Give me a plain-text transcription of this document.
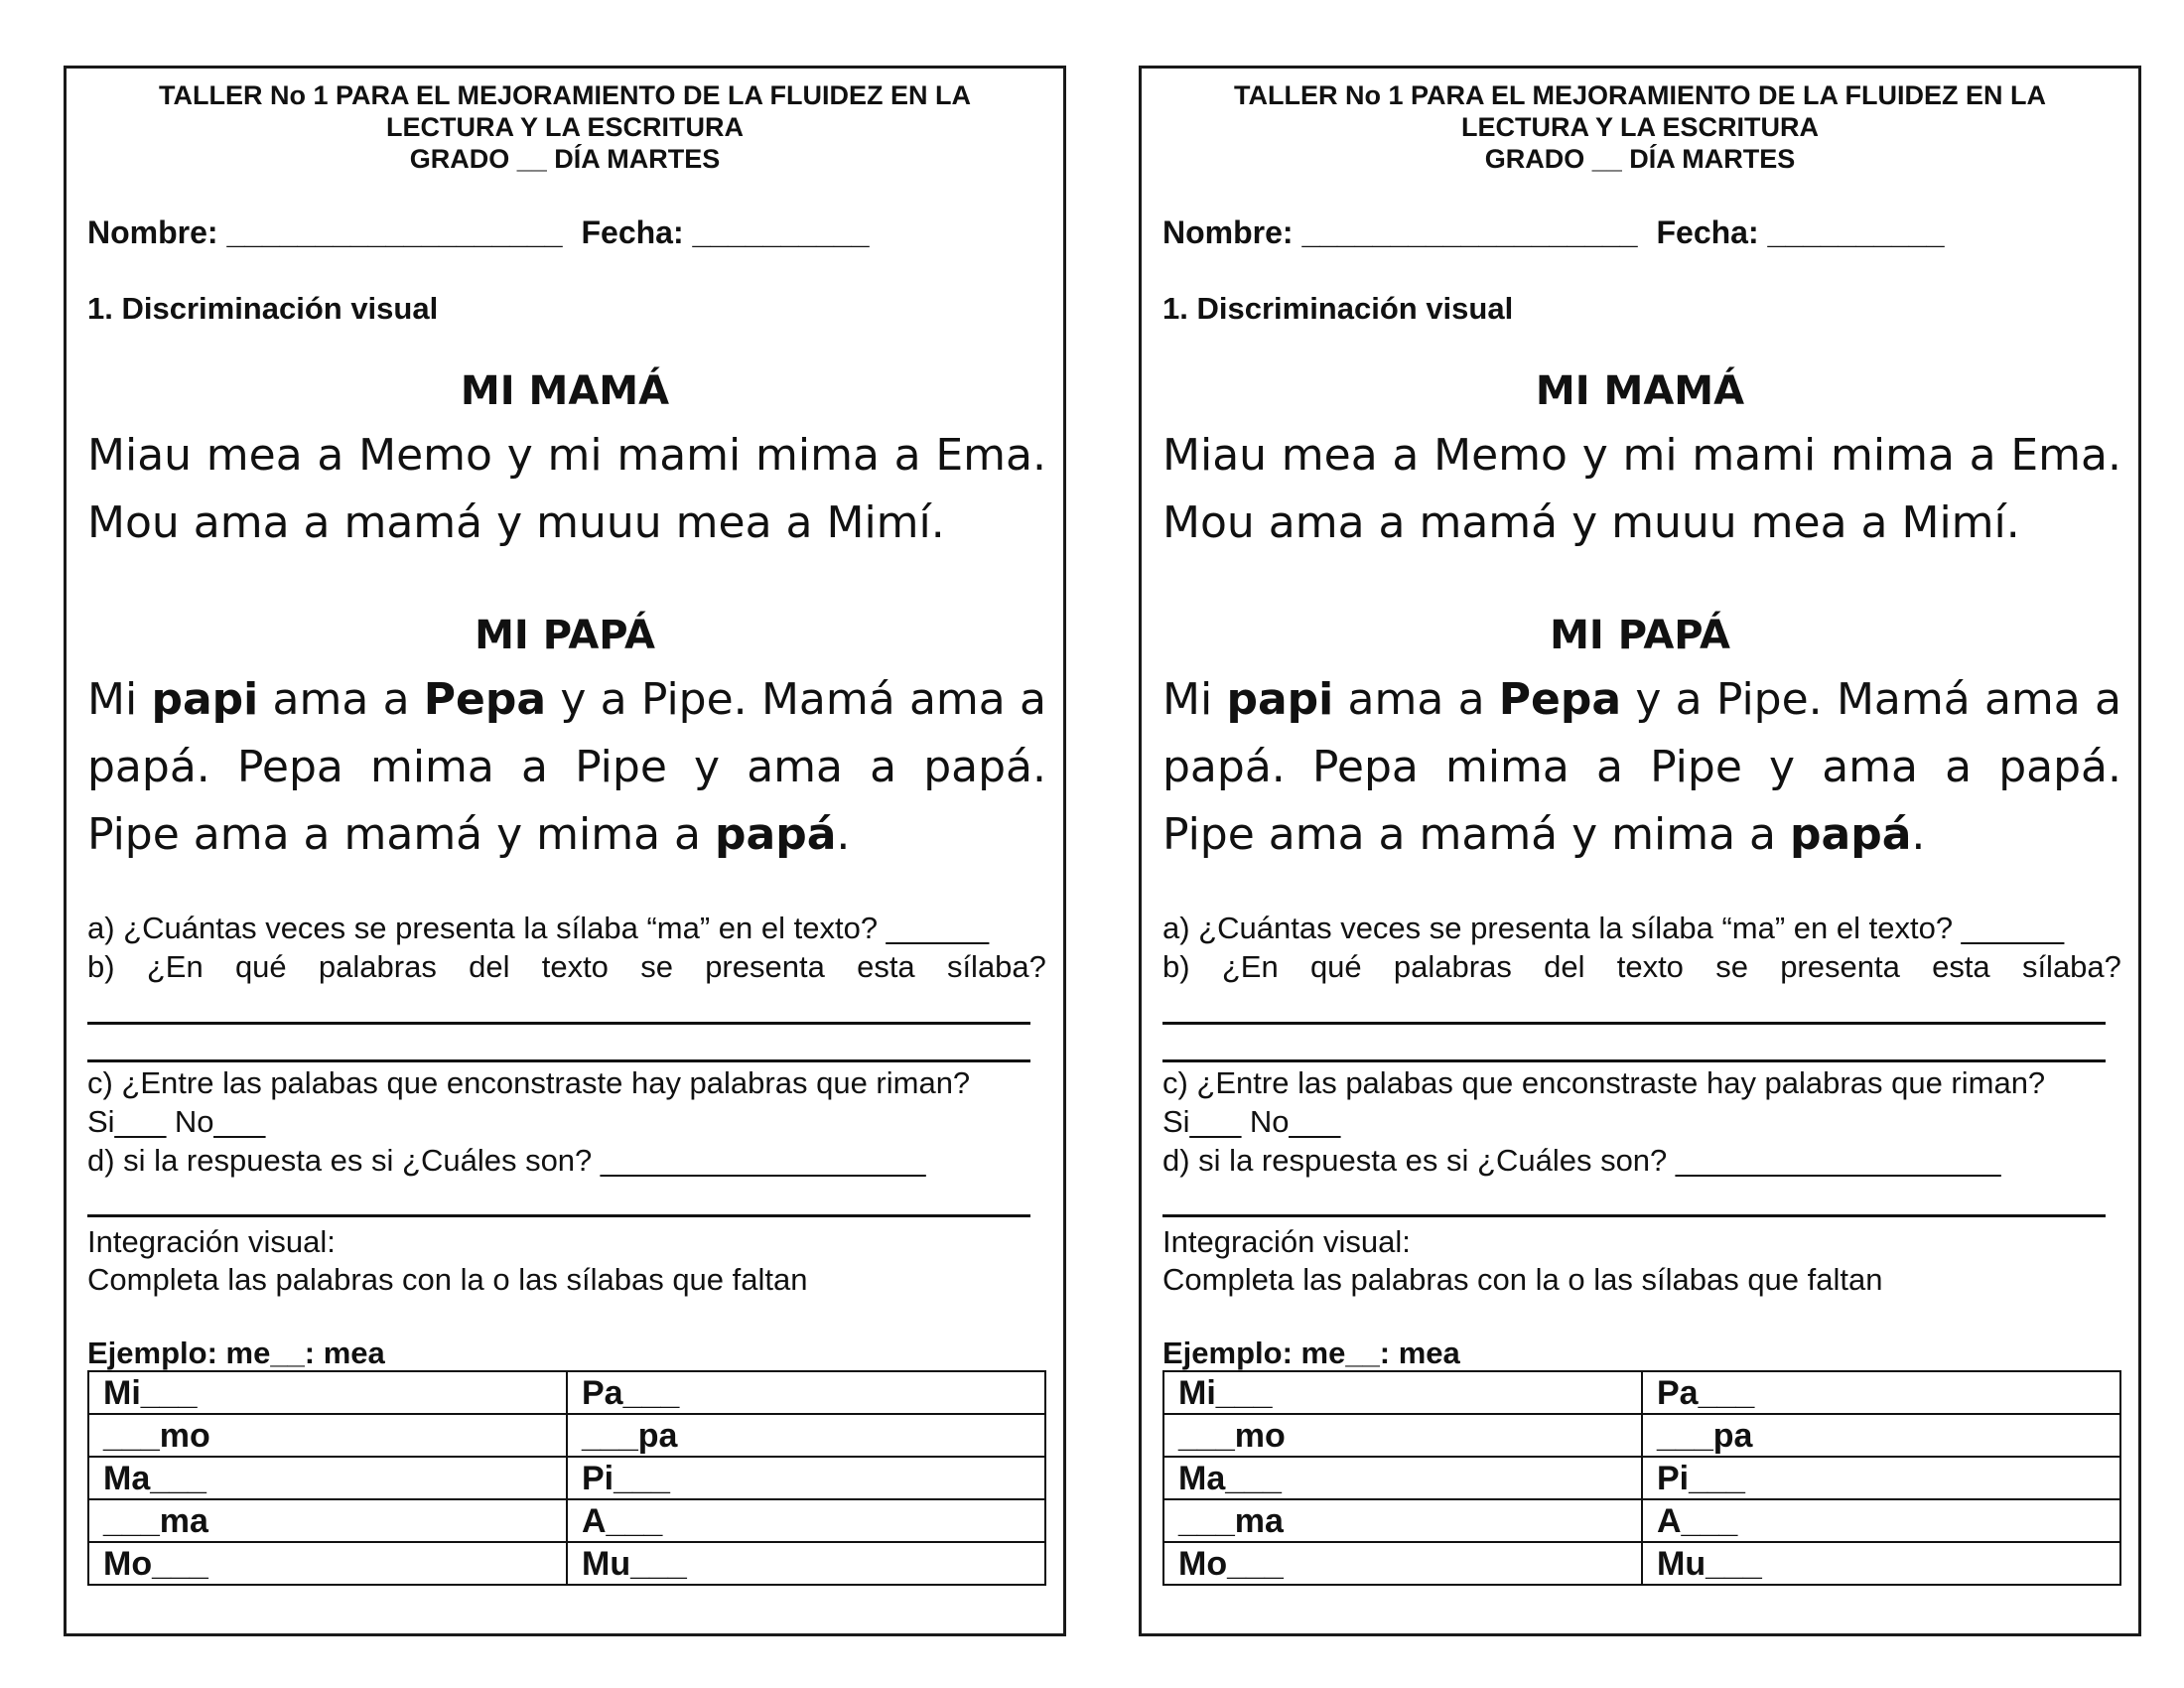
TALLER No 1 PARA EL MEJORAMIENTO DE LA FLUIDEZ EN LA
LECTURA Y LA ESCRITURA
GRADO __ DÍA MARTES
Nombre: ___________________ Fecha: __________
1. Discriminación visual
MI MAMÁ
Miau mea a Memo y mi mami mima a Ema. Mou ama a mamá y muuu mea a Mimí.
MI PAPÁ
Mi papi ama a Pepa y a Pipe. Mamá ama a papá. Pepa mima a Pipe y ama a papá. Pipe ama a mamá y mima a papá.
a) ¿Cuántas veces se presenta la sílaba “ma” en el texto? ______
b) ¿En qué palabras del texto se presenta esta sílaba?
c) ¿Entre las palabas que enconstraste hay palabras que riman?
Si___ No___
d) si la respuesta es si ¿Cuáles son? ___________________
Integración visual:
Completa las palabras con la o las sílabas que faltan
Ejemplo: me__: mea
Mi___	Pa___
___mo	___pa
Ma___	Pi___
___ma	A___
Mo___	Mu___
TALLER No 1 PARA EL MEJORAMIENTO DE LA FLUIDEZ EN LA
LECTURA Y LA ESCRITURA
GRADO __ DÍA MARTES
Nombre: ___________________ Fecha: __________
1. Discriminación visual
MI MAMÁ
Miau mea a Memo y mi mami mima a Ema. Mou ama a mamá y muuu mea a Mimí.
MI PAPÁ
Mi papi ama a Pepa y a Pipe. Mamá ama a papá. Pepa mima a Pipe y ama a papá. Pipe ama a mamá y mima a papá.
a) ¿Cuántas veces se presenta la sílaba “ma” en el texto? ______
b) ¿En qué palabras del texto se presenta esta sílaba?
c) ¿Entre las palabas que enconstraste hay palabras que riman?
Si___ No___
d) si la respuesta es si ¿Cuáles son? ___________________
Integración visual:
Completa las palabras con la o las sílabas que faltan
Ejemplo: me__: mea
Mi___	Pa___
___mo	___pa
Ma___	Pi___
___ma	A___
Mo___	Mu___
